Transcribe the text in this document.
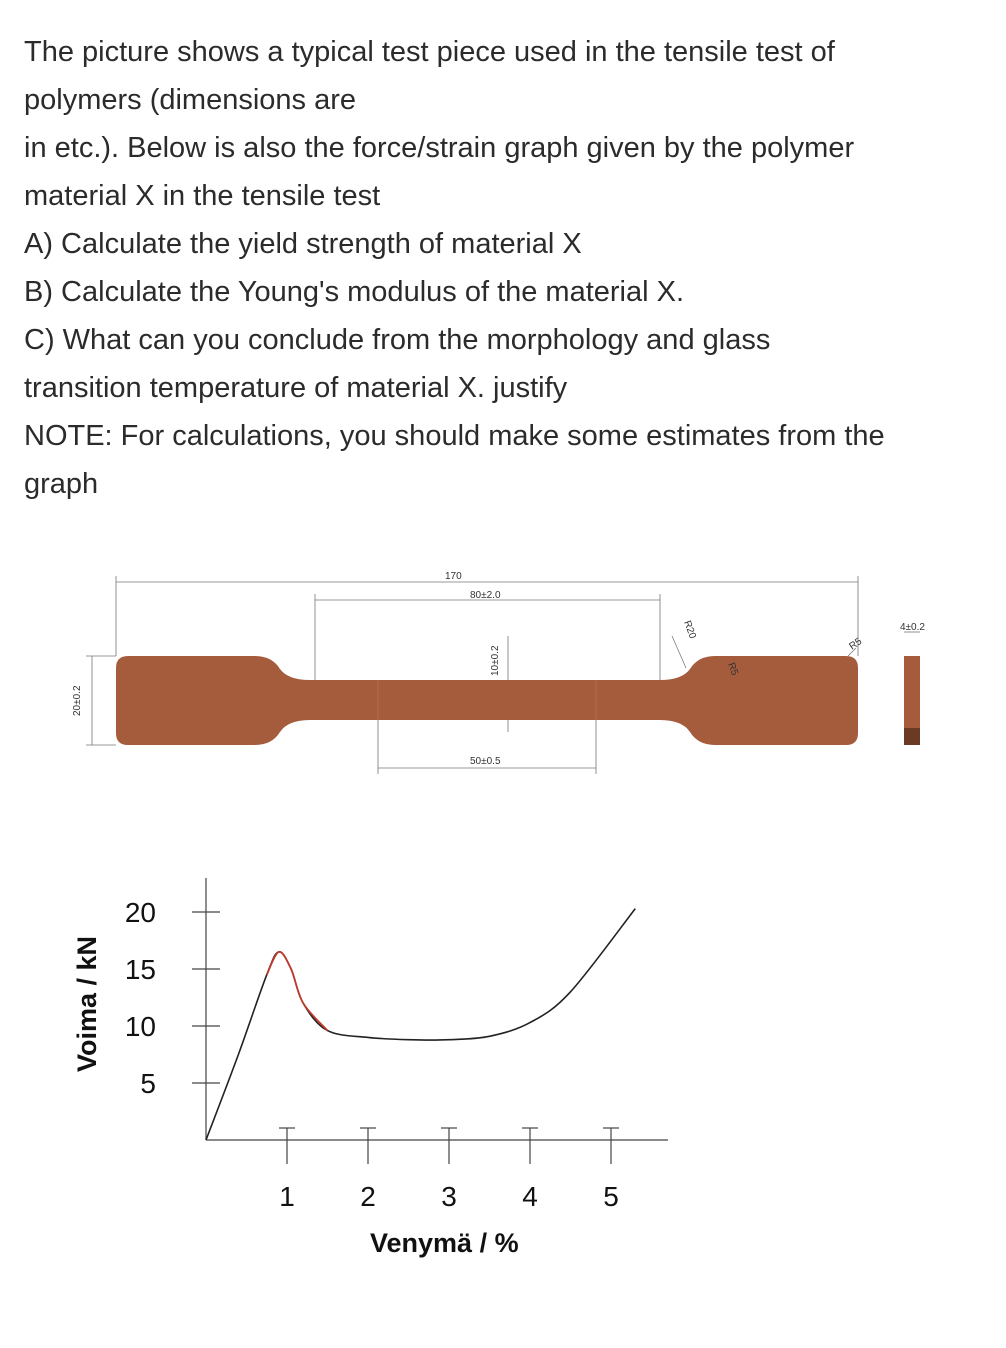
The picture shows a typical test piece used in the tensile test of

polymers (dimensions are

in etc.). Below is also the force/strain graph given by the polymer

material X in the tensile test

A) Calculate the yield strength of material X

B) Calculate the Young's modulus of the material X.

C) What can you conclude from the morphology and glass

transition temperature of material X. justify

NOTE: For calculations, you should make some estimates from the

graph

170
80±2.0
50±0.5
10±0.2
20±0.2
4±0.2
R20
R5
R5
5
10
15
20
1 2 3 4 5
Voima / kN
Venymä / %
